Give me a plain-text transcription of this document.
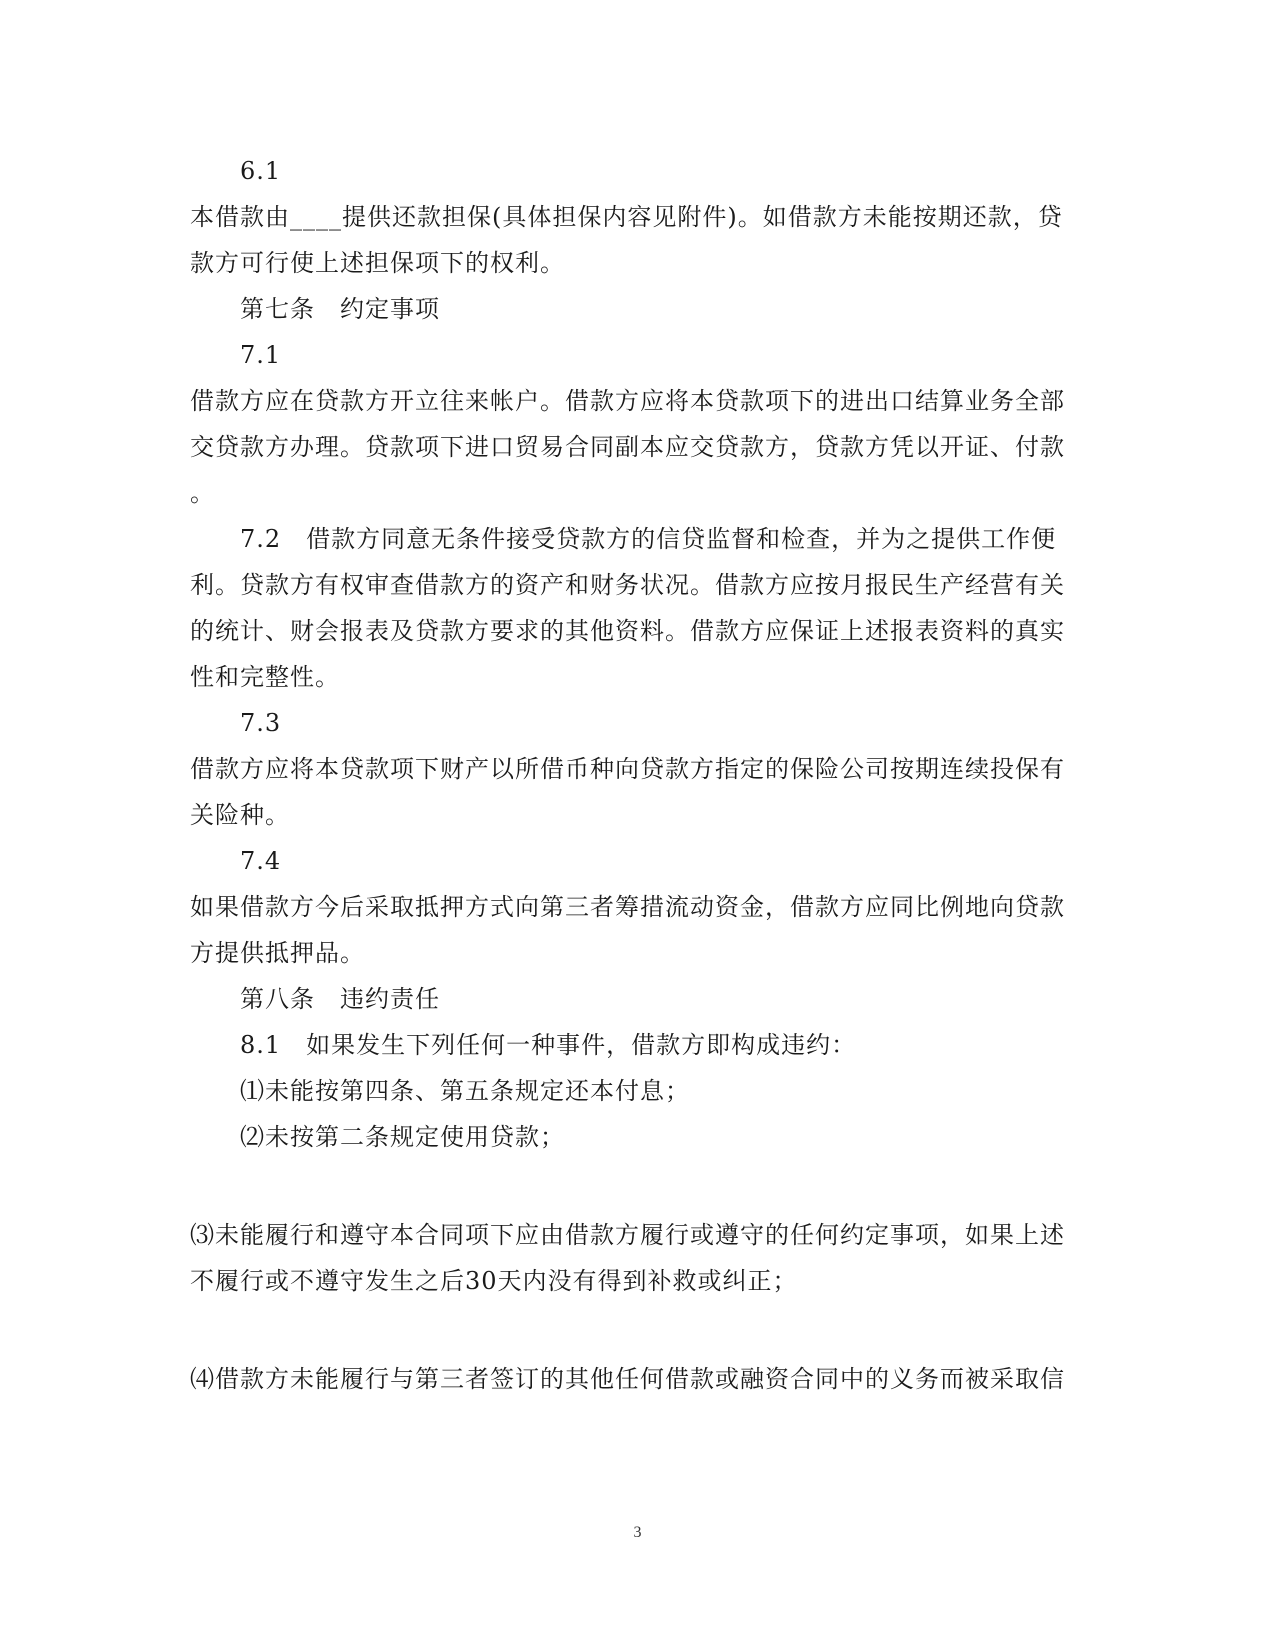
6.1
本借款由____提供还款担保(具体担保内容见附件)。如借款方未能按期还款，贷
款方可行使上述担保项下的权利。
第七条　约定事项
7.1
借款方应在贷款方开立往来帐户。借款方应将本贷款项下的进出口结算业务全部
交贷款方办理。贷款项下进口贸易合同副本应交贷款方，贷款方凭以开证、付款
。
7.2　借款方同意无条件接受贷款方的信贷监督和检查，并为之提供工作便
利。贷款方有权审查借款方的资产和财务状况。借款方应按月报民生产经营有关
的统计、财会报表及贷款方要求的其他资料。借款方应保证上述报表资料的真实
性和完整性。
7.3
借款方应将本贷款项下财产以所借币种向贷款方指定的保险公司按期连续投保有
关险种。
7.4
如果借款方今后采取抵押方式向第三者筹措流动资金，借款方应同比例地向贷款
方提供抵押品。
第八条　违约责任
8.1　如果发生下列任何一种事件，借款方即构成违约：
⑴未能按第四条、第五条规定还本付息；
⑵未按第二条规定使用贷款；
⑶未能履行和遵守本合同项下应由借款方履行或遵守的任何约定事项，如果上述
不履行或不遵守发生之后30天内没有得到补救或纠正；
⑷借款方未能履行与第三者签订的其他任何借款或融资合同中的义务而被采取信
3
